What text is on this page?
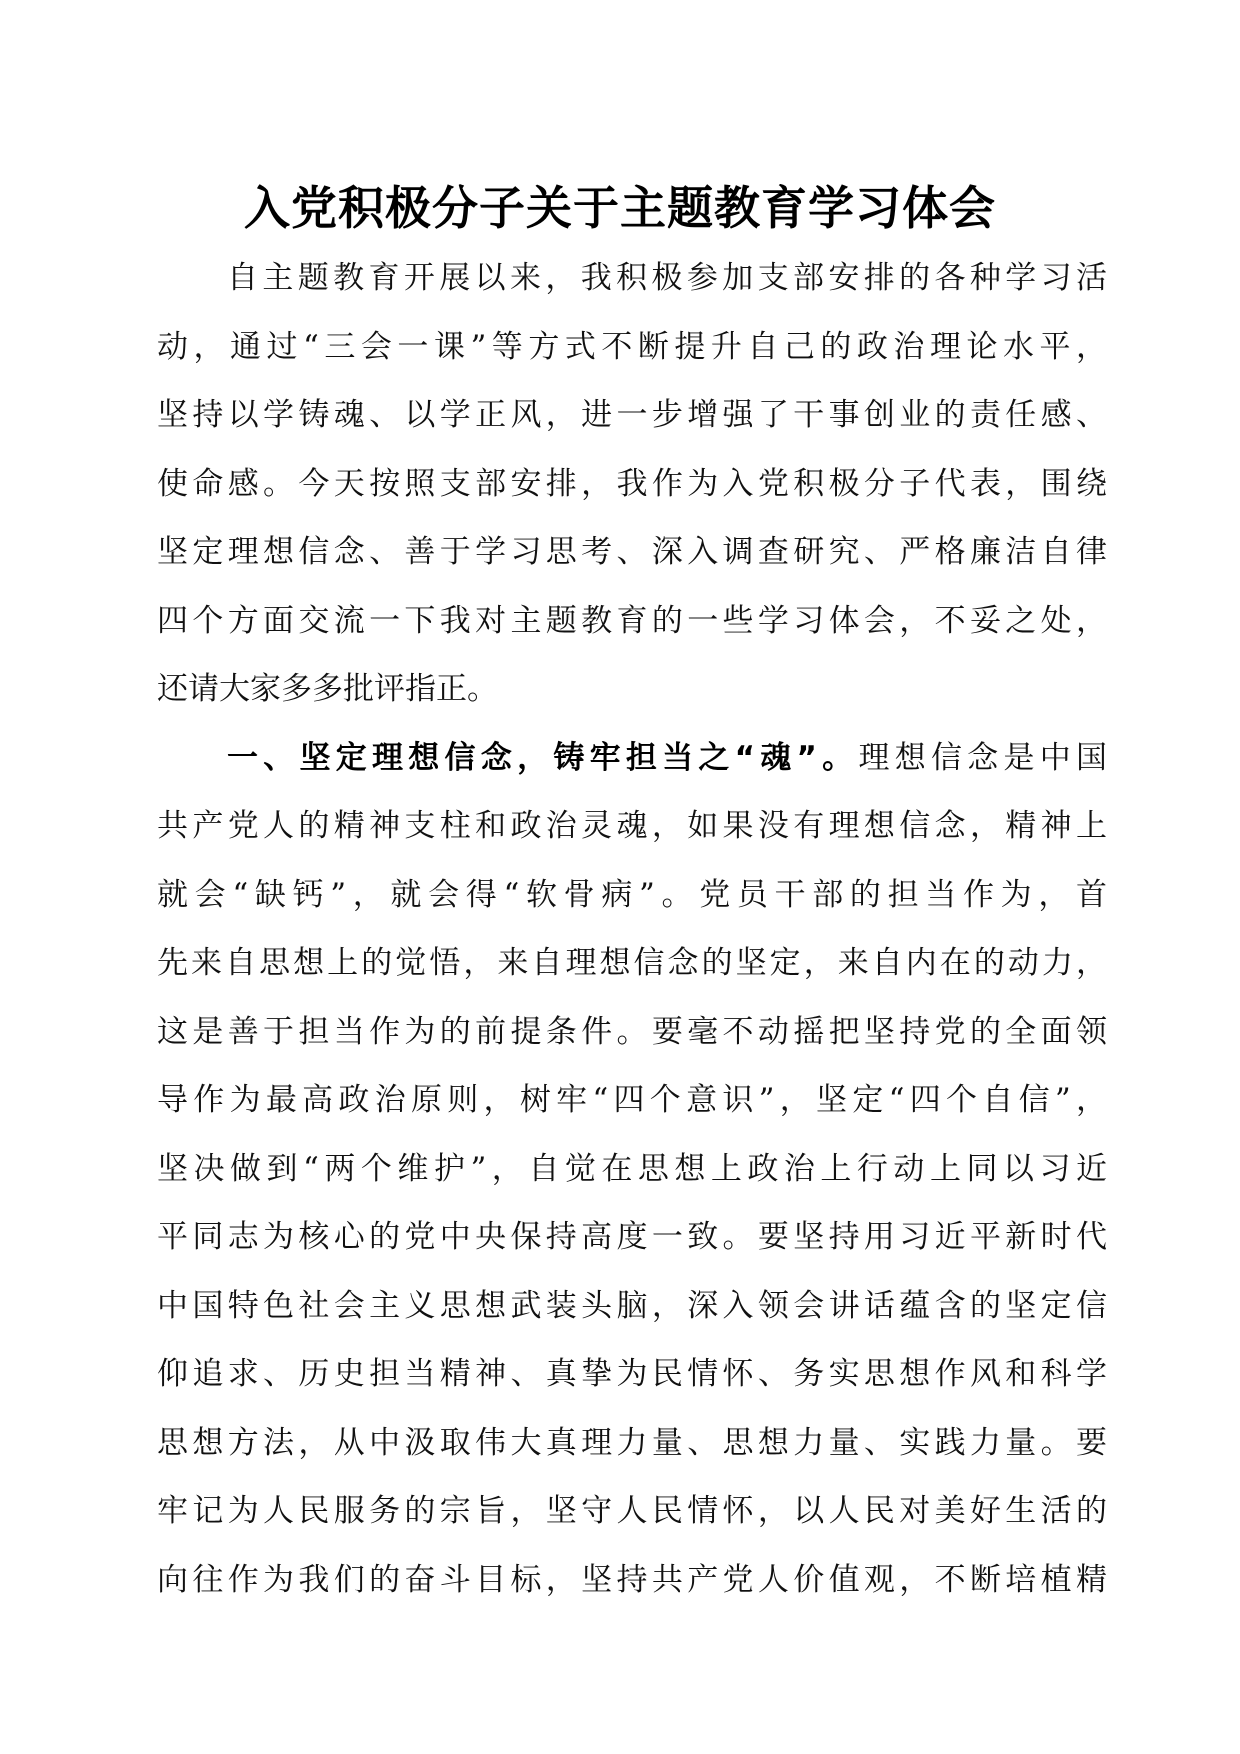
入党积极分子关于主题教育学习体会
自主题教育开展以来，我积极参加支部安排的各种学习活
动，通过“三会一课”等方式不断提升自己的政治理论水平，
坚持以学铸魂、以学正风，进一步增强了干事创业的责任感、
使命感。今天按照支部安排，我作为入党积极分子代表，围绕
坚定理想信念、善于学习思考、深入调查研究、严格廉洁自律
四个方面交流一下我对主题教育的一些学习体会，不妥之处，
还请大家多多批评指正。
一、坚定理想信念，铸牢担当之“魂”。理想信念是中国
共产党人的精神支柱和政治灵魂，如果没有理想信念，精神上
就会“缺钙”，就会得“软骨病”。党员干部的担当作为，首
先来自思想上的觉悟，来自理想信念的坚定，来自内在的动力，
这是善于担当作为的前提条件。要毫不动摇把坚持党的全面领
导作为最高政治原则，树牢“四个意识”，坚定“四个自信”，
坚决做到“两个维护”，自觉在思想上政治上行动上同以习近
平同志为核心的党中央保持高度一致。要坚持用习近平新时代
中国特色社会主义思想武装头脑，深入领会讲话蕴含的坚定信
仰追求、历史担当精神、真挚为民情怀、务实思想作风和科学
思想方法，从中汲取伟大真理力量、思想力量、实践力量。要
牢记为人民服务的宗旨，坚守人民情怀，以人民对美好生活的
向往作为我们的奋斗目标，坚持共产党人价值观，不断培植精
